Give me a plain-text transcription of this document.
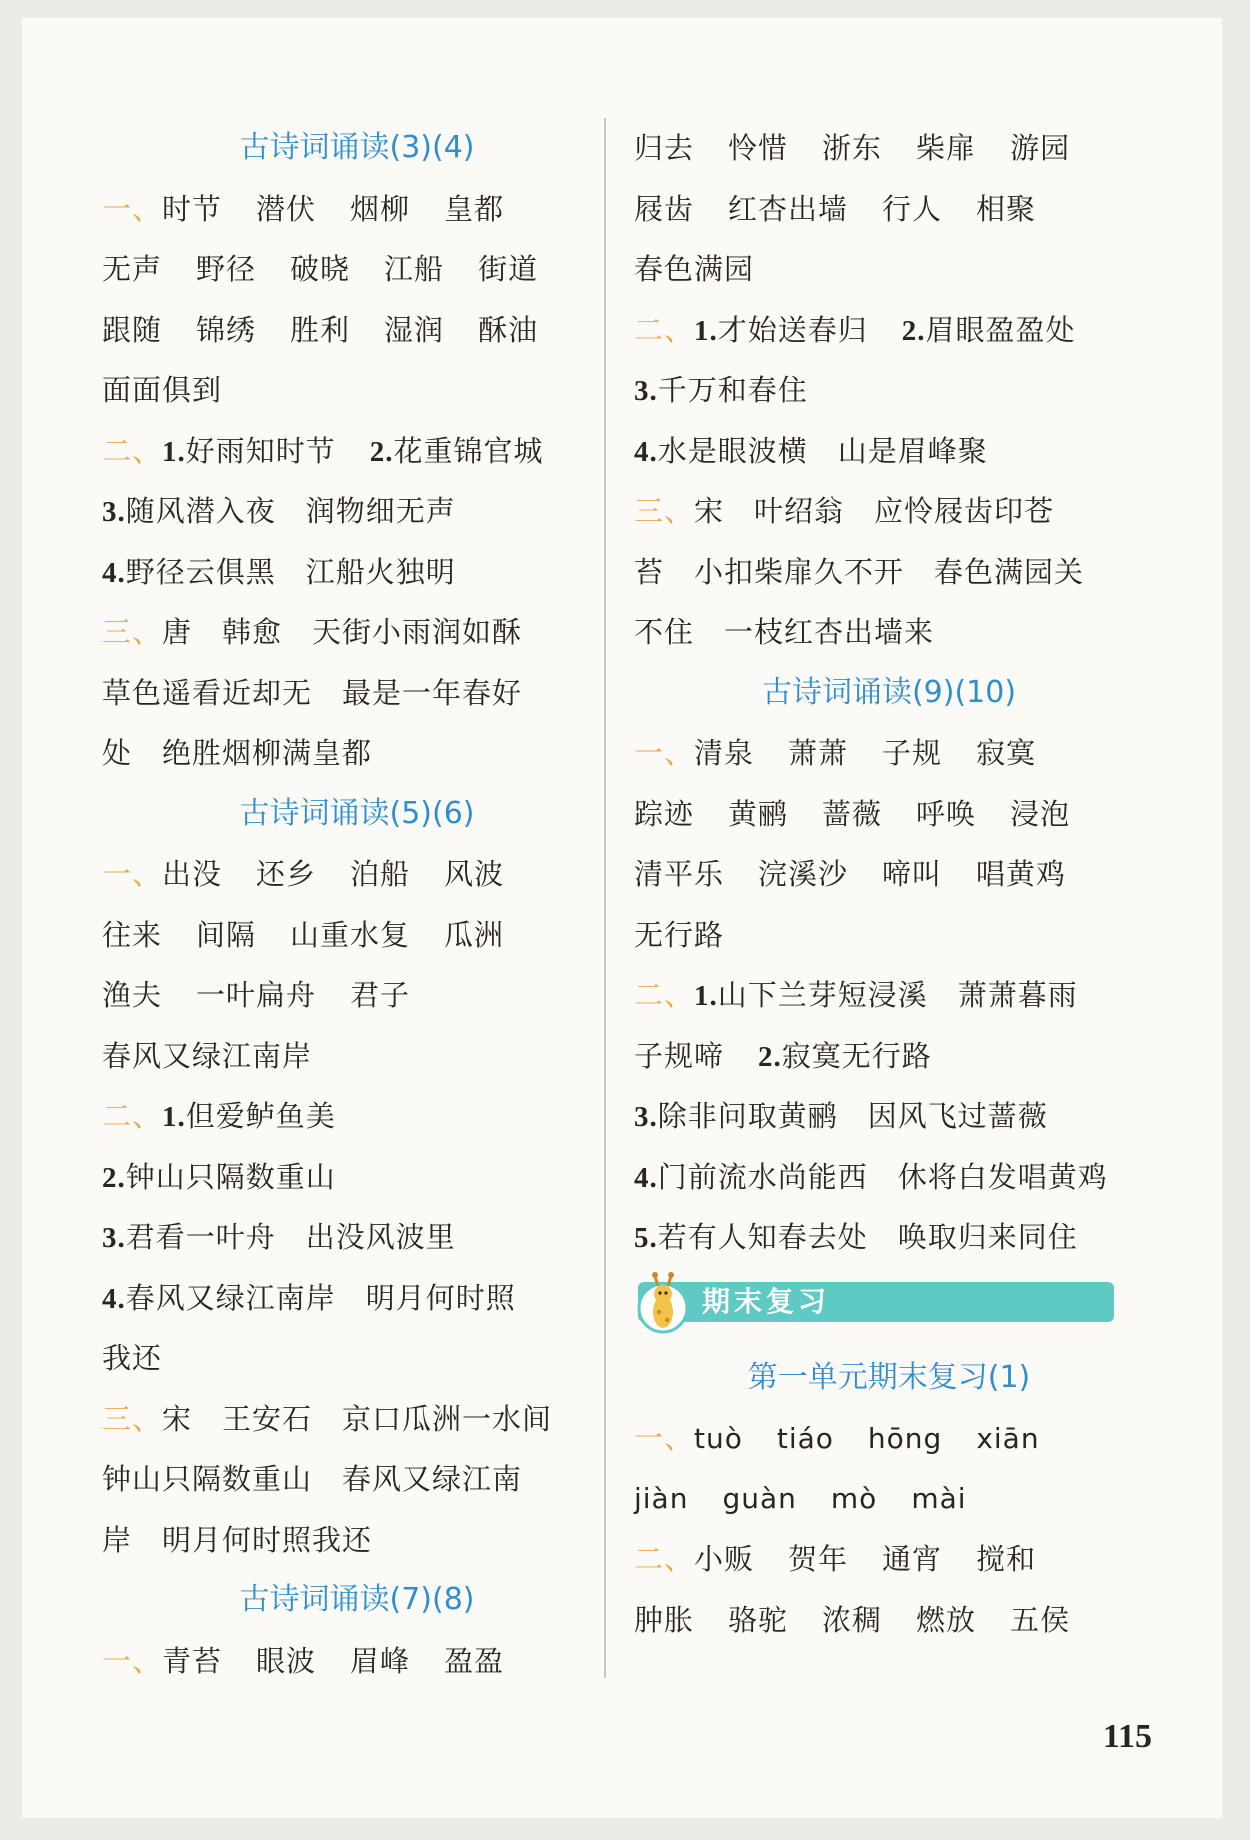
古诗词诵读(3)(4)
一、时节 潜伏 烟柳 皇都
无声 野径 破晓 江船 街道
跟随 锦绣 胜利 湿润 酥油
面面俱到
二、1.好雨知时节 2.花重锦官城
3.随风潜入夜　润物细无声
4.野径云俱黑　江船火独明
三、唐　韩愈　天街小雨润如酥
草色遥看近却无　最是一年春好
处　绝胜烟柳满皇都
古诗词诵读(5)(6)
一、出没 还乡 泊船 风波
往来 间隔 山重水复 瓜洲
渔夫 一叶扁舟 君子
春风又绿江南岸
二、1.但爱鲈鱼美
2.钟山只隔数重山
3.君看一叶舟　出没风波里
4.春风又绿江南岸　明月何时照
我还
三、宋　王安石　京口瓜洲一水间
钟山只隔数重山　春风又绿江南
岸　明月何时照我还
古诗词诵读(7)(8)
一、青苔 眼波 眉峰 盈盈
归去 怜惜 浙东 柴扉 游园
屐齿 红杏出墙 行人 相聚
春色满园
二、1.才始送春归 2.眉眼盈盈处
3.千万和春住
4.水是眼波横　山是眉峰聚
三、宋　叶绍翁　应怜屐齿印苍
苔　小扣柴扉久不开　春色满园关
不住　一枝红杏出墙来
古诗词诵读(9)(10)
一、清泉 萧萧 子规 寂寞
踪迹 黄鹂 蔷薇 呼唤 浸泡
清平乐 浣溪沙 啼叫 唱黄鸡
无行路
二、1.山下兰芽短浸溪　萧萧暮雨
子规啼 2.寂寞无行路
3.除非问取黄鹂　因风飞过蔷薇
4.门前流水尚能西　休将白发唱黄鸡
5.若有人知春去处　唤取归来同住
期末复习
第一单元期末复习(1)
一、tuò tiáo hōng xiān
jiàn guàn mò mài
二、小贩 贺年 通宵 搅和
肿胀 骆驼 浓稠 燃放 五侯
115
